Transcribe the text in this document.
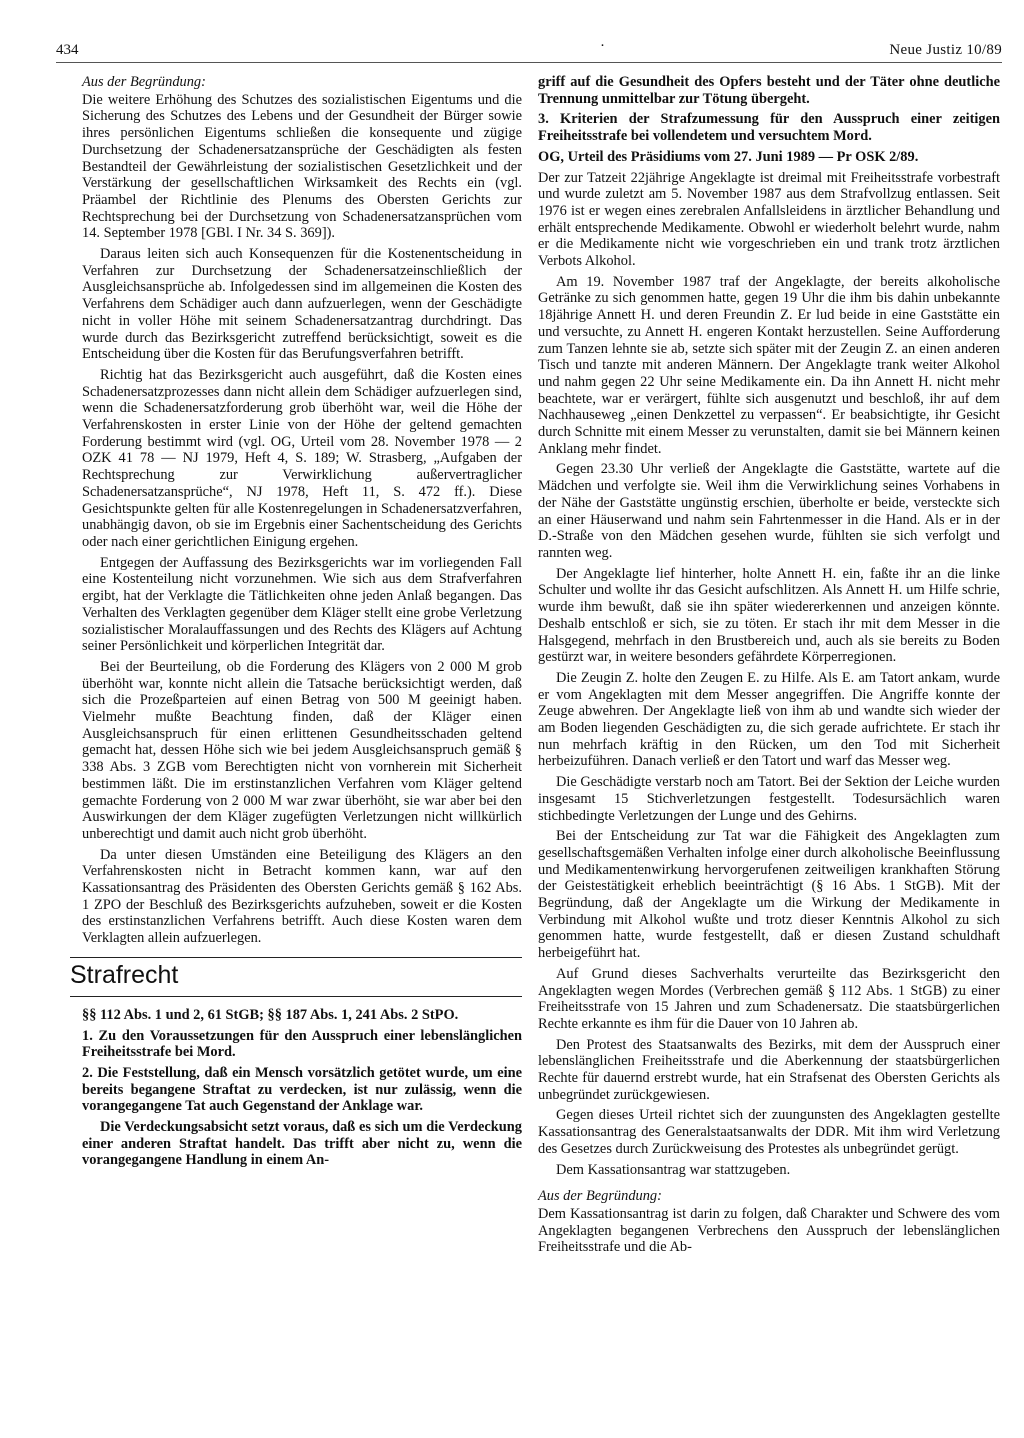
434	·	Neue Justiz 10/89

Aus der Begründung:

Die weitere Erhöhung des Schutzes des sozialistischen Eigentums und die Sicherung des Schutzes des Lebens und der Gesundheit der Bürger sowie ihres persönlichen Eigentums schließen die konsequente und zügige Durchsetzung der Schadenersatzansprüche der Geschädigten als festen Bestandteil der Gewährleistung der sozialistischen Gesetzlichkeit und der Verstärkung der gesellschaftlichen Wirksamkeit des Rechts ein (vgl. Präambel der Richtlinie des Plenums des Obersten Gerichts zur Rechtsprechung bei der Durchsetzung von Schadenersatzansprüchen vom 14. September 1978 [GBl. I Nr. 34 S. 369]).

Daraus leiten sich auch Konsequenzen für die Kostenentscheidung in Verfahren zur Durchsetzung der Schadenersatzeinschließlich der Ausgleichsansprüche ab. Infolgedessen sind im allgemeinen die Kosten des Verfahrens dem Schädiger auch dann aufzuerlegen, wenn der Geschädigte nicht in voller Höhe mit seinem Schadenersatzantrag durchdringt. Das wurde durch das Bezirksgericht zutreffend berücksichtigt, soweit es die Entscheidung über die Kosten für das Berufungsverfahren betrifft.

Richtig hat das Bezirksgericht auch ausgeführt, daß die Kosten eines Schadenersatzprozesses dann nicht allein dem Schädiger aufzuerlegen sind, wenn die Schadenersatzforderung grob überhöht war, weil die Höhe der Verfahrenskosten in erster Linie von der Höhe der geltend gemachten Forderung bestimmt wird (vgl. OG, Urteil vom 28. November 1978 — 2 OZK 41 78 — NJ 1979, Heft 4, S. 189; W. Strasberg, „Aufgaben der Rechtsprechung zur Verwirklichung außervertraglicher Schadenersatzansprüche“, NJ 1978, Heft 11, S. 472 ff.). Diese Gesichtspunkte gelten für alle Kostenregelungen in Schadenersatzverfahren, unabhängig davon, ob sie im Ergebnis einer Sachentscheidung des Gerichts oder nach einer gerichtlichen Einigung ergehen.

Entgegen der Auffassung des Bezirksgerichts war im vorliegenden Fall eine Kostenteilung nicht vorzunehmen. Wie sich aus dem Strafverfahren ergibt, hat der Verklagte die Tätlichkeiten ohne jeden Anlaß begangen. Das Verhalten des Verklagten gegenüber dem Kläger stellt eine grobe Verletzung sozialistischer Moralauffassungen und des Rechts des Klägers auf Achtung seiner Persönlichkeit und körperlichen Integrität dar.

Bei der Beurteilung, ob die Forderung des Klägers von 2 000 M grob überhöht war, konnte nicht allein die Tatsache berücksichtigt werden, daß sich die Prozeßparteien auf einen Betrag von 500 M geeinigt haben. Vielmehr mußte Beachtung finden, daß der Kläger einen Ausgleichsanspruch für einen erlittenen Gesundheitsschaden geltend gemacht hat, dessen Höhe sich wie bei jedem Ausgleichsanspruch gemäß § 338 Abs. 3 ZGB vom Berechtigten nicht von vornherein mit Sicherheit bestimmen läßt. Die im erstinstanzlichen Verfahren vom Kläger geltend gemachte Forderung von 2 000 M war zwar überhöht, sie war aber bei den Auswirkungen der dem Kläger zugefügten Verletzungen nicht willkürlich unberechtigt und damit auch nicht grob überhöht.

Da unter diesen Umständen eine Beteiligung des Klägers an den Verfahrenskosten nicht in Betracht kommen kann, war auf den Kassationsantrag des Präsidenten des Obersten Gerichts gemäß § 162 Abs. 1 ZPO der Beschluß des Bezirksgerichts aufzuheben, soweit er die Kosten des erstinstanzlichen Verfahrens betrifft. Auch diese Kosten waren dem Verklagten allein aufzuerlegen.

Strafrecht

§§ 112 Abs. 1 und 2, 61 StGB; §§ 187 Abs. 1, 241 Abs. 2 StPO.

1. Zu den Voraussetzungen für den Ausspruch einer lebenslänglichen Freiheitsstrafe bei Mord.

2. Die Feststellung, daß ein Mensch vorsätzlich getötet wurde, um eine bereits begangene Straftat zu verdecken, ist nur zulässig, wenn die vorangegangene Tat auch Gegenstand der Anklage war.

Die Verdeckungsabsicht setzt voraus, daß es sich um die Verdeckung einer anderen Straftat handelt. Das trifft aber nicht zu, wenn die vorangegangene Handlung in einem An-

griff auf die Gesundheit des Opfers besteht und der Täter ohne deutliche Trennung unmittelbar zur Tötung übergeht.

3. Kriterien der Strafzumessung für den Ausspruch einer zeitigen Freiheitsstrafe bei vollendetem und versuchtem Mord.

OG, Urteil des Präsidiums vom 27. Juni 1989 — Pr OSK 2/89.

Der zur Tatzeit 22jährige Angeklagte ist dreimal mit Freiheitsstrafe vorbestraft und wurde zuletzt am 5. November 1987 aus dem Strafvollzug entlassen. Seit 1976 ist er wegen eines zerebralen Anfallsleidens in ärztlicher Behandlung und erhält entsprechende Medikamente. Obwohl er wiederholt belehrt wurde, nahm er die Medikamente nicht wie vorgeschrieben ein und trank trotz ärztlichen Verbots Alkohol.

Am 19. November 1987 traf der Angeklagte, der bereits alkoholische Getränke zu sich genommen hatte, gegen 19 Uhr die ihm bis dahin unbekannte 18jährige Annett H. und deren Freundin Z. Er lud beide in eine Gaststätte ein und versuchte, zu Annett H. engeren Kontakt herzustellen. Seine Aufforderung zum Tanzen lehnte sie ab, setzte sich später mit der Zeugin Z. an einen anderen Tisch und tanzte mit anderen Männern. Der Angeklagte trank weiter Alkohol und nahm gegen 22 Uhr seine Medikamente ein. Da ihn Annett H. nicht mehr beachtete, war er verärgert, fühlte sich ausgenutzt und beschloß, ihr auf dem Nachhauseweg „einen Denkzettel zu verpassen“. Er beabsichtigte, ihr Gesicht durch Schnitte mit einem Messer zu verunstalten, damit sie bei Männern keinen Anklang mehr findet.

Gegen 23.30 Uhr verließ der Angeklagte die Gaststätte, wartete auf die Mädchen und verfolgte sie. Weil ihm die Verwirklichung seines Vorhabens in der Nähe der Gaststätte ungünstig erschien, überholte er beide, versteckte sich an einer Häuserwand und nahm sein Fahrtenmesser in die Hand. Als er in der D.-Straße von den Mädchen gesehen wurde, fühlten sie sich verfolgt und rannten weg.

Der Angeklagte lief hinterher, holte Annett H. ein, faßte ihr an die linke Schulter und wollte ihr das Gesicht aufschlitzen. Als Annett H. um Hilfe schrie, wurde ihm bewußt, daß sie ihn später wiedererkennen und anzeigen könnte. Deshalb entschloß er sich, sie zu töten. Er stach ihr mit dem Messer in die Halsgegend, mehrfach in den Brustbereich und, auch als sie bereits zu Boden gestürzt war, in weitere besonders gefährdete Körperregionen.

Die Zeugin Z. holte den Zeugen E. zu Hilfe. Als E. am Tatort ankam, wurde er vom Angeklagten mit dem Messer angegriffen. Die Angriffe konnte der Zeuge abwehren. Der Angeklagte ließ von ihm ab und wandte sich wieder der am Boden liegenden Geschädigten zu, die sich gerade aufrichtete. Er stach ihr nun mehrfach kräftig in den Rücken, um den Tod mit Sicherheit herbeizuführen. Danach verließ er den Tatort und warf das Messer weg.

Die Geschädigte verstarb noch am Tatort. Bei der Sektion der Leiche wurden insgesamt 15 Stichverletzungen festgestellt. Todesursächlich waren stichbedingte Verletzungen der Lunge und des Gehirns.

Bei der Entscheidung zur Tat war die Fähigkeit des Angeklagten zum gesellschaftsgemäßen Verhalten infolge einer durch alkoholische Beeinflussung und Medikamentenwirkung hervorgerufenen zeitweiligen krankhaften Störung der Geistestätigkeit erheblich beeinträchtigt (§ 16 Abs. 1 StGB). Mit der Begründung, daß der Angeklagte um die Wirkung der Medikamente in Verbindung mit Alkohol wußte und trotz dieser Kenntnis Alkohol zu sich genommen hatte, wurde festgestellt, daß er diesen Zustand schuldhaft herbeigeführt hat.

Auf Grund dieses Sachverhalts verurteilte das Bezirksgericht den Angeklagten wegen Mordes (Verbrechen gemäß § 112 Abs. 1 StGB) zu einer Freiheitsstrafe von 15 Jahren und zum Schadenersatz. Die staatsbürgerlichen Rechte erkannte es ihm für die Dauer von 10 Jahren ab.

Den Protest des Staatsanwalts des Bezirks, mit dem der Ausspruch einer lebenslänglichen Freiheitsstrafe und die Aberkennung der staatsbürgerlichen Rechte für dauernd erstrebt wurde, hat ein Strafsenat des Obersten Gerichts als unbegründet zurückgewiesen.

Gegen dieses Urteil richtet sich der zuungunsten des Angeklagten gestellte Kassationsantrag des Generalstaatsanwalts der DDR. Mit ihm wird Verletzung des Gesetzes durch Zurückweisung des Protestes als unbegründet gerügt.

Dem Kassationsantrag war stattzugeben.

Aus der Begründung:

Dem Kassationsantrag ist darin zu folgen, daß Charakter und Schwere des vom Angeklagten begangenen Verbrechens den Ausspruch der lebenslänglichen Freiheitsstrafe und die Ab-
